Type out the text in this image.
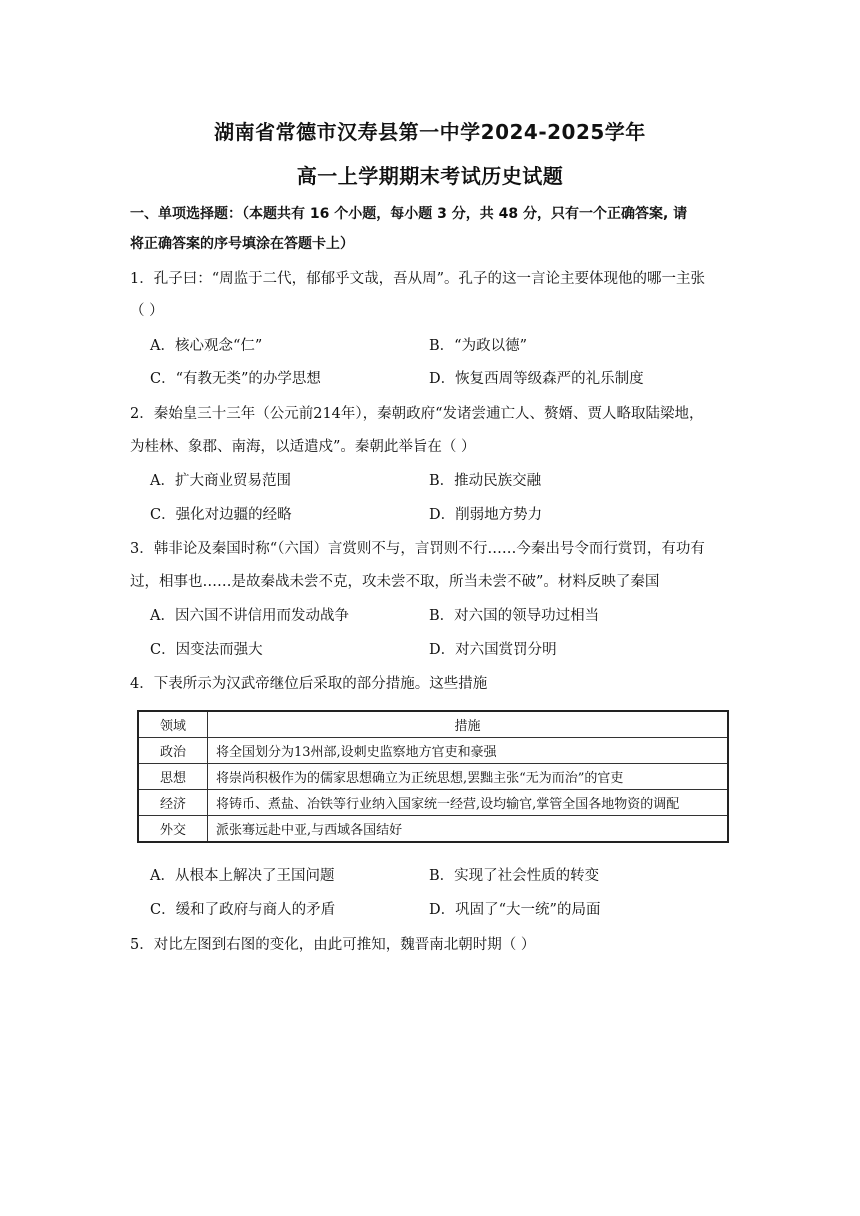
湖南省常德市汉寿县第一中学2024-2025学年
高一上学期期末考试历史试题
一、单项选择题：（本题共有 16 个小题，每小题 3 分，共 48 分，只有一个正确答案, 请
将正确答案的序号填涂在答题卡上）
1．孔子曰：“周监于二代，郁郁乎文哉，吾从周”。孔子的这一言论主要体现他的哪一主张
（ ）
A．核心观念“仁”	B．“为政以德”
C．“有教无类”的办学思想	D．恢复西周等级森严的礼乐制度
2．秦始皇三十三年（公元前214年），秦朝政府“发诸尝逋亡人、赘婿、贾人略取陆梁地，
为桂林、象郡、南海，以适遣戍”。秦朝此举旨在（ ）
A．扩大商业贸易范围	B．推动民族交融
C．强化对边疆的经略	D．削弱地方势力
3．韩非论及秦国时称“（六国）言赏则不与，言罚则不行……今秦出号令而行赏罚，有功有
过，相事也……是故秦战未尝不克，攻未尝不取，所当未尝不破”。材料反映了秦国
A．因六国不讲信用而发动战争	B．对六国的领导功过相当
C．因变法而强大	D．对六国赏罚分明
4．下表所示为汉武帝继位后采取的部分措施。这些措施
领域	措施
政治	将全国划分为13州部,设刺史监察地方官吏和豪强
思想	将崇尚积极作为的儒家思想确立为正统思想,罢黜主张“无为而治”的官吏
经济	将铸币、煮盐、冶铁等行业纳入国家统一经营,设均输官,掌管全国各地物资的调配
外交	派张骞远赴中亚,与西域各国结好
A．从根本上解决了王国问题	B．实现了社会性质的转变
C．缓和了政府与商人的矛盾	D．巩固了“大一统”的局面
5．对比左图到右图的变化，由此可推知，魏晋南北朝时期（ ）
